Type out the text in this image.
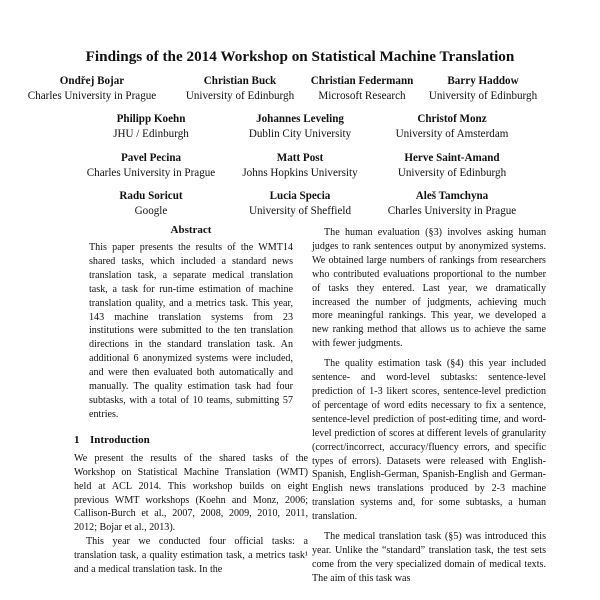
Findings of the 2014 Workshop on Statistical Machine Translation
Ondřej Bojar
Charles University in Prague
Christian Buck
University of Edinburgh
Christian Federmann
Microsoft Research
Barry Haddow
University of Edinburgh
Philipp Koehn
JHU / Edinburgh
Johannes Leveling
Dublin City University
Christof Monz
University of Amsterdam
Pavel Pecina
Charles University in Prague
Matt Post
Johns Hopkins University
Herve Saint-Amand
University of Edinburgh
Radu Soricut
Google
Lucia Specia
University of Sheffield
Aleš Tamchyna
Charles University in Prague
Abstract

This paper presents the results of the WMT14 shared tasks, which included a standard news translation task, a separate medical translation task, a task for run-time estimation of machine translation quality, and a metrics task. This year, 143 machine translation systems from 23 institutions were submitted to the ten translation directions in the standard translation task. An additional 6 anonymized systems were included, and were then evaluated both automatically and manually. The quality estimation task had four subtasks, with a total of 10 teams, submitting 57 entries.

1 Introduction

We present the results of the shared tasks of the Workshop on Statistical Machine Translation (WMT) held at ACL 2014. This workshop builds on eight previous WMT workshops (Koehn and Monz, 2006; Callison-Burch et al., 2007, 2008, 2009, 2010, 2011, 2012; Bojar et al., 2013).

This year we conducted four official tasks: a translation task, a quality estimation task, a metrics task¹ and a medical translation task. In the

The human evaluation (§3) involves asking human judges to rank sentences output by anonymized systems. We obtained large numbers of rankings from researchers who contributed evaluations proportional to the number of tasks they entered. Last year, we dramatically increased the number of judgments, achieving much more meaningful rankings. This year, we developed a new ranking method that allows us to achieve the same with fewer judgments.

The quality estimation task (§4) this year included sentence- and word-level subtasks: sentence-level prediction of 1-3 likert scores, sentence-level prediction of percentage of word edits necessary to fix a sentence, sentence-level prediction of post-editing time, and word-level prediction of scores at different levels of granularity (correct/incorrect, accuracy/fluency errors, and specific types of errors). Datasets were released with English-Spanish, English-German, Spanish-English and German-English news translations produced by 2-3 machine translation systems and, for some subtasks, a human translation.

The medical translation task (§5) was introduced this year. Unlike the “standard” translation task, the test sets come from the very specialized domain of medical texts. The aim of this task was
